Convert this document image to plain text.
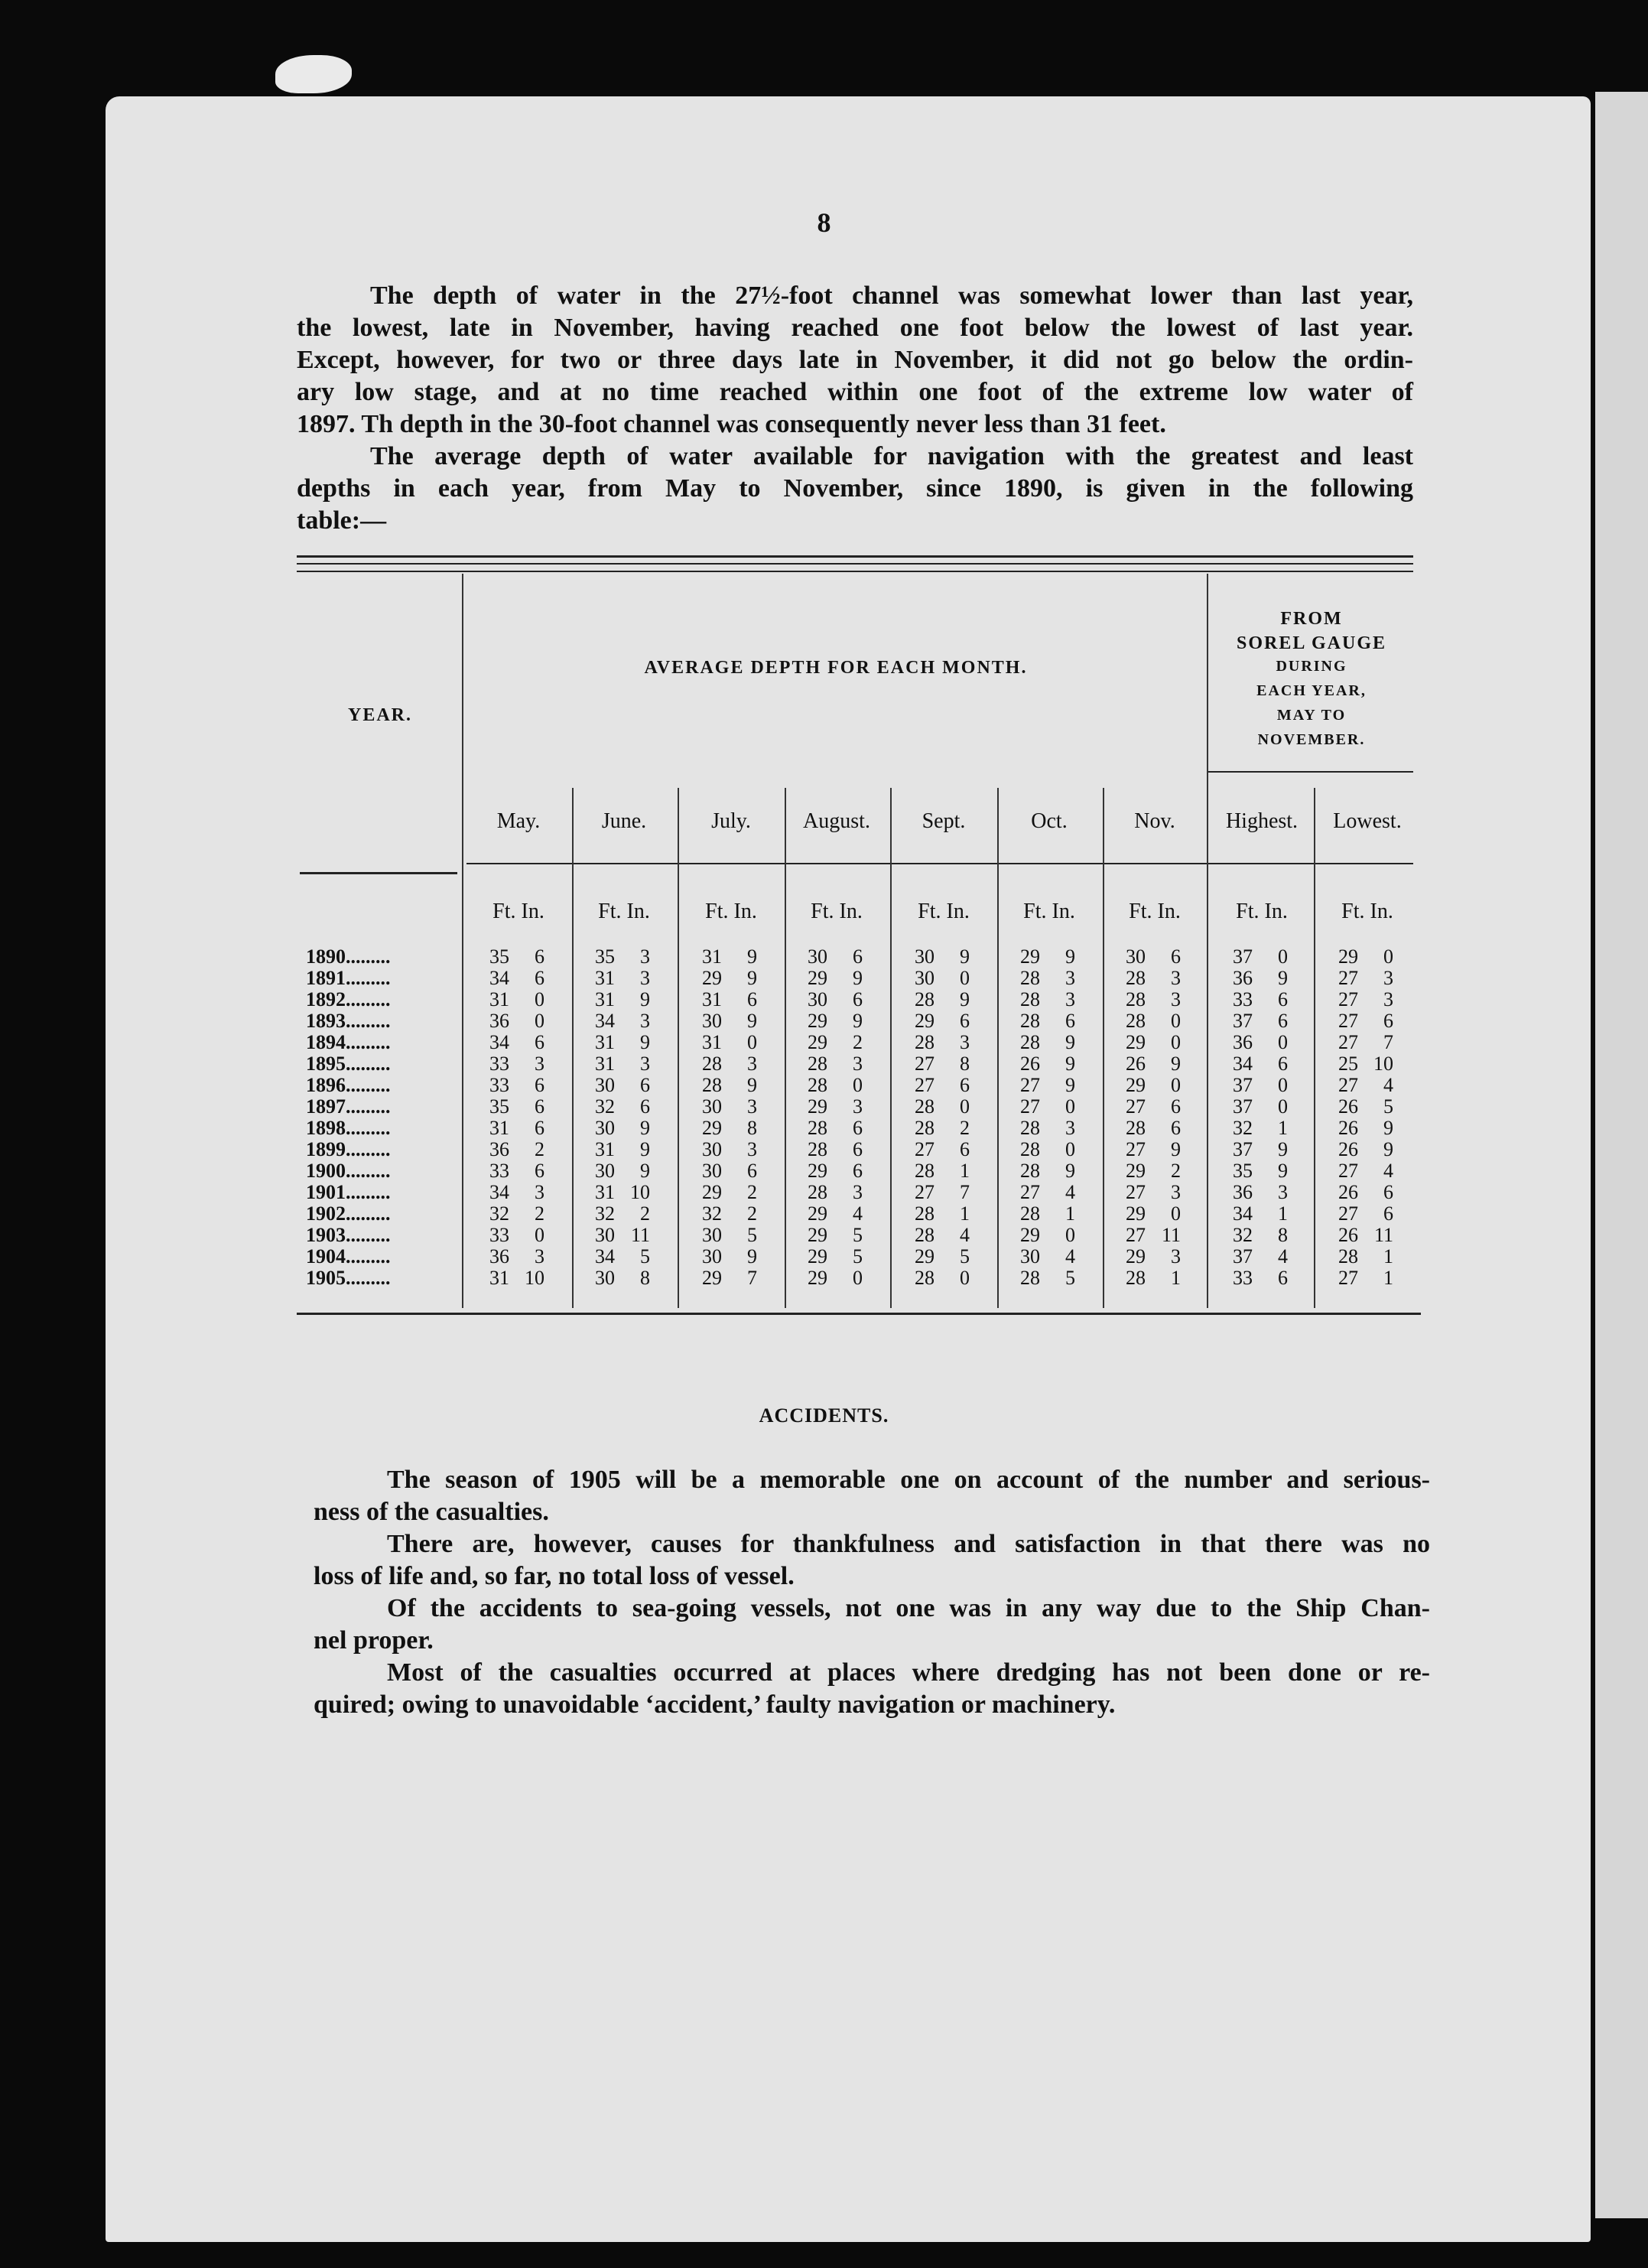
8
The depth of water in the 27½-foot channel was somewhat lower than last year,
the lowest, late in November, having reached one foot below the lowest of last year.
Except, however, for two or three days late in November, it did not go below the ordin-
ary low stage, and at no time reached within one foot of the extreme low water of
1897. Th depth in the 30-foot channel was consequently never less than 31 feet.
The average depth of water available for navigation with the greatest and least
depths in each year, from May to November, since 1890, is given in the following
table:—
YEAR.
AVERAGE DEPTH FOR EACH MONTH.
FROM
SOREL GAUGE
DURING
EACH YEAR,
MAY TO
NOVEMBER.
May.	June.	July.	August.	Sept.	Oct.	Nov.	Highest.	Lowest.
Ft. In.	Ft. In.	Ft. In.	Ft. In.	Ft. In.	Ft. In.	Ft. In.	Ft. In.	Ft. In.
1890.........	35	6	35	3	31	9	30	6	30	9	29	9	30	6	37	0	29	0
1891.........	34	6	31	3	29	9	29	9	30	0	28	3	28	3	36	9	27	3
1892.........	31	0	31	9	31	6	30	6	28	9	28	3	28	3	33	6	27	3
1893.........	36	0	34	3	30	9	29	9	29	6	28	6	28	0	37	6	27	6
1894.........	34	6	31	9	31	0	29	2	28	3	28	9	29	0	36	0	27	7
1895.........	33	3	31	3	28	3	28	3	27	8	26	9	26	9	34	6	25 10
1896.........	33	6	30	6	28	9	28	0	27	6	27	9	29	0	37	0	27	4
1897.........	35	6	32	6	30	3	29	3	28	0	27	0	27	6	37	0	26	5
1898.........	31	6	30	9	29	8	28	6	28	2	28	3	28	6	32	1	26	9
1899.........	36	2	31	9	30	3	28	6	27	6	28	0	27	9	37	9	26	9
1900.........	33	6	30	9	30	6	29	6	28	1	28	9	29	2	35	9	27	4
1901.........	34	3	31 10	29	2	28	3	27	7	27	4	27	3	36	3	26	6
1902.........	32	2	32	2	32	2	29	4	28	1	28	1	29	0	34	1	27	6
1903.........	33	0	30 11	30	5	29	5	28	4	29	0	27 11	32	8	26 11
1904.........	36	3	34	5	30	9	29	5	29	5	30	4	29	3	37	4	28	1
1905.........	31 10	30	8	29	7	29	0	28	0	28	5	28	1	33	6	27	1
ACCIDENTS.
The season of 1905 will be a memorable one on account of the number and serious-
ness of the casualties.
There are, however, causes for thankfulness and satisfaction in that there was no
loss of life and, so far, no total loss of vessel.
Of the accidents to sea-going vessels, not one was in any way due to the Ship Chan-
nel proper.
Most of the casualties occurred at places where dredging has not been done or re-
quired; owing to unavoidable ‘accident,’ faulty navigation or machinery.
